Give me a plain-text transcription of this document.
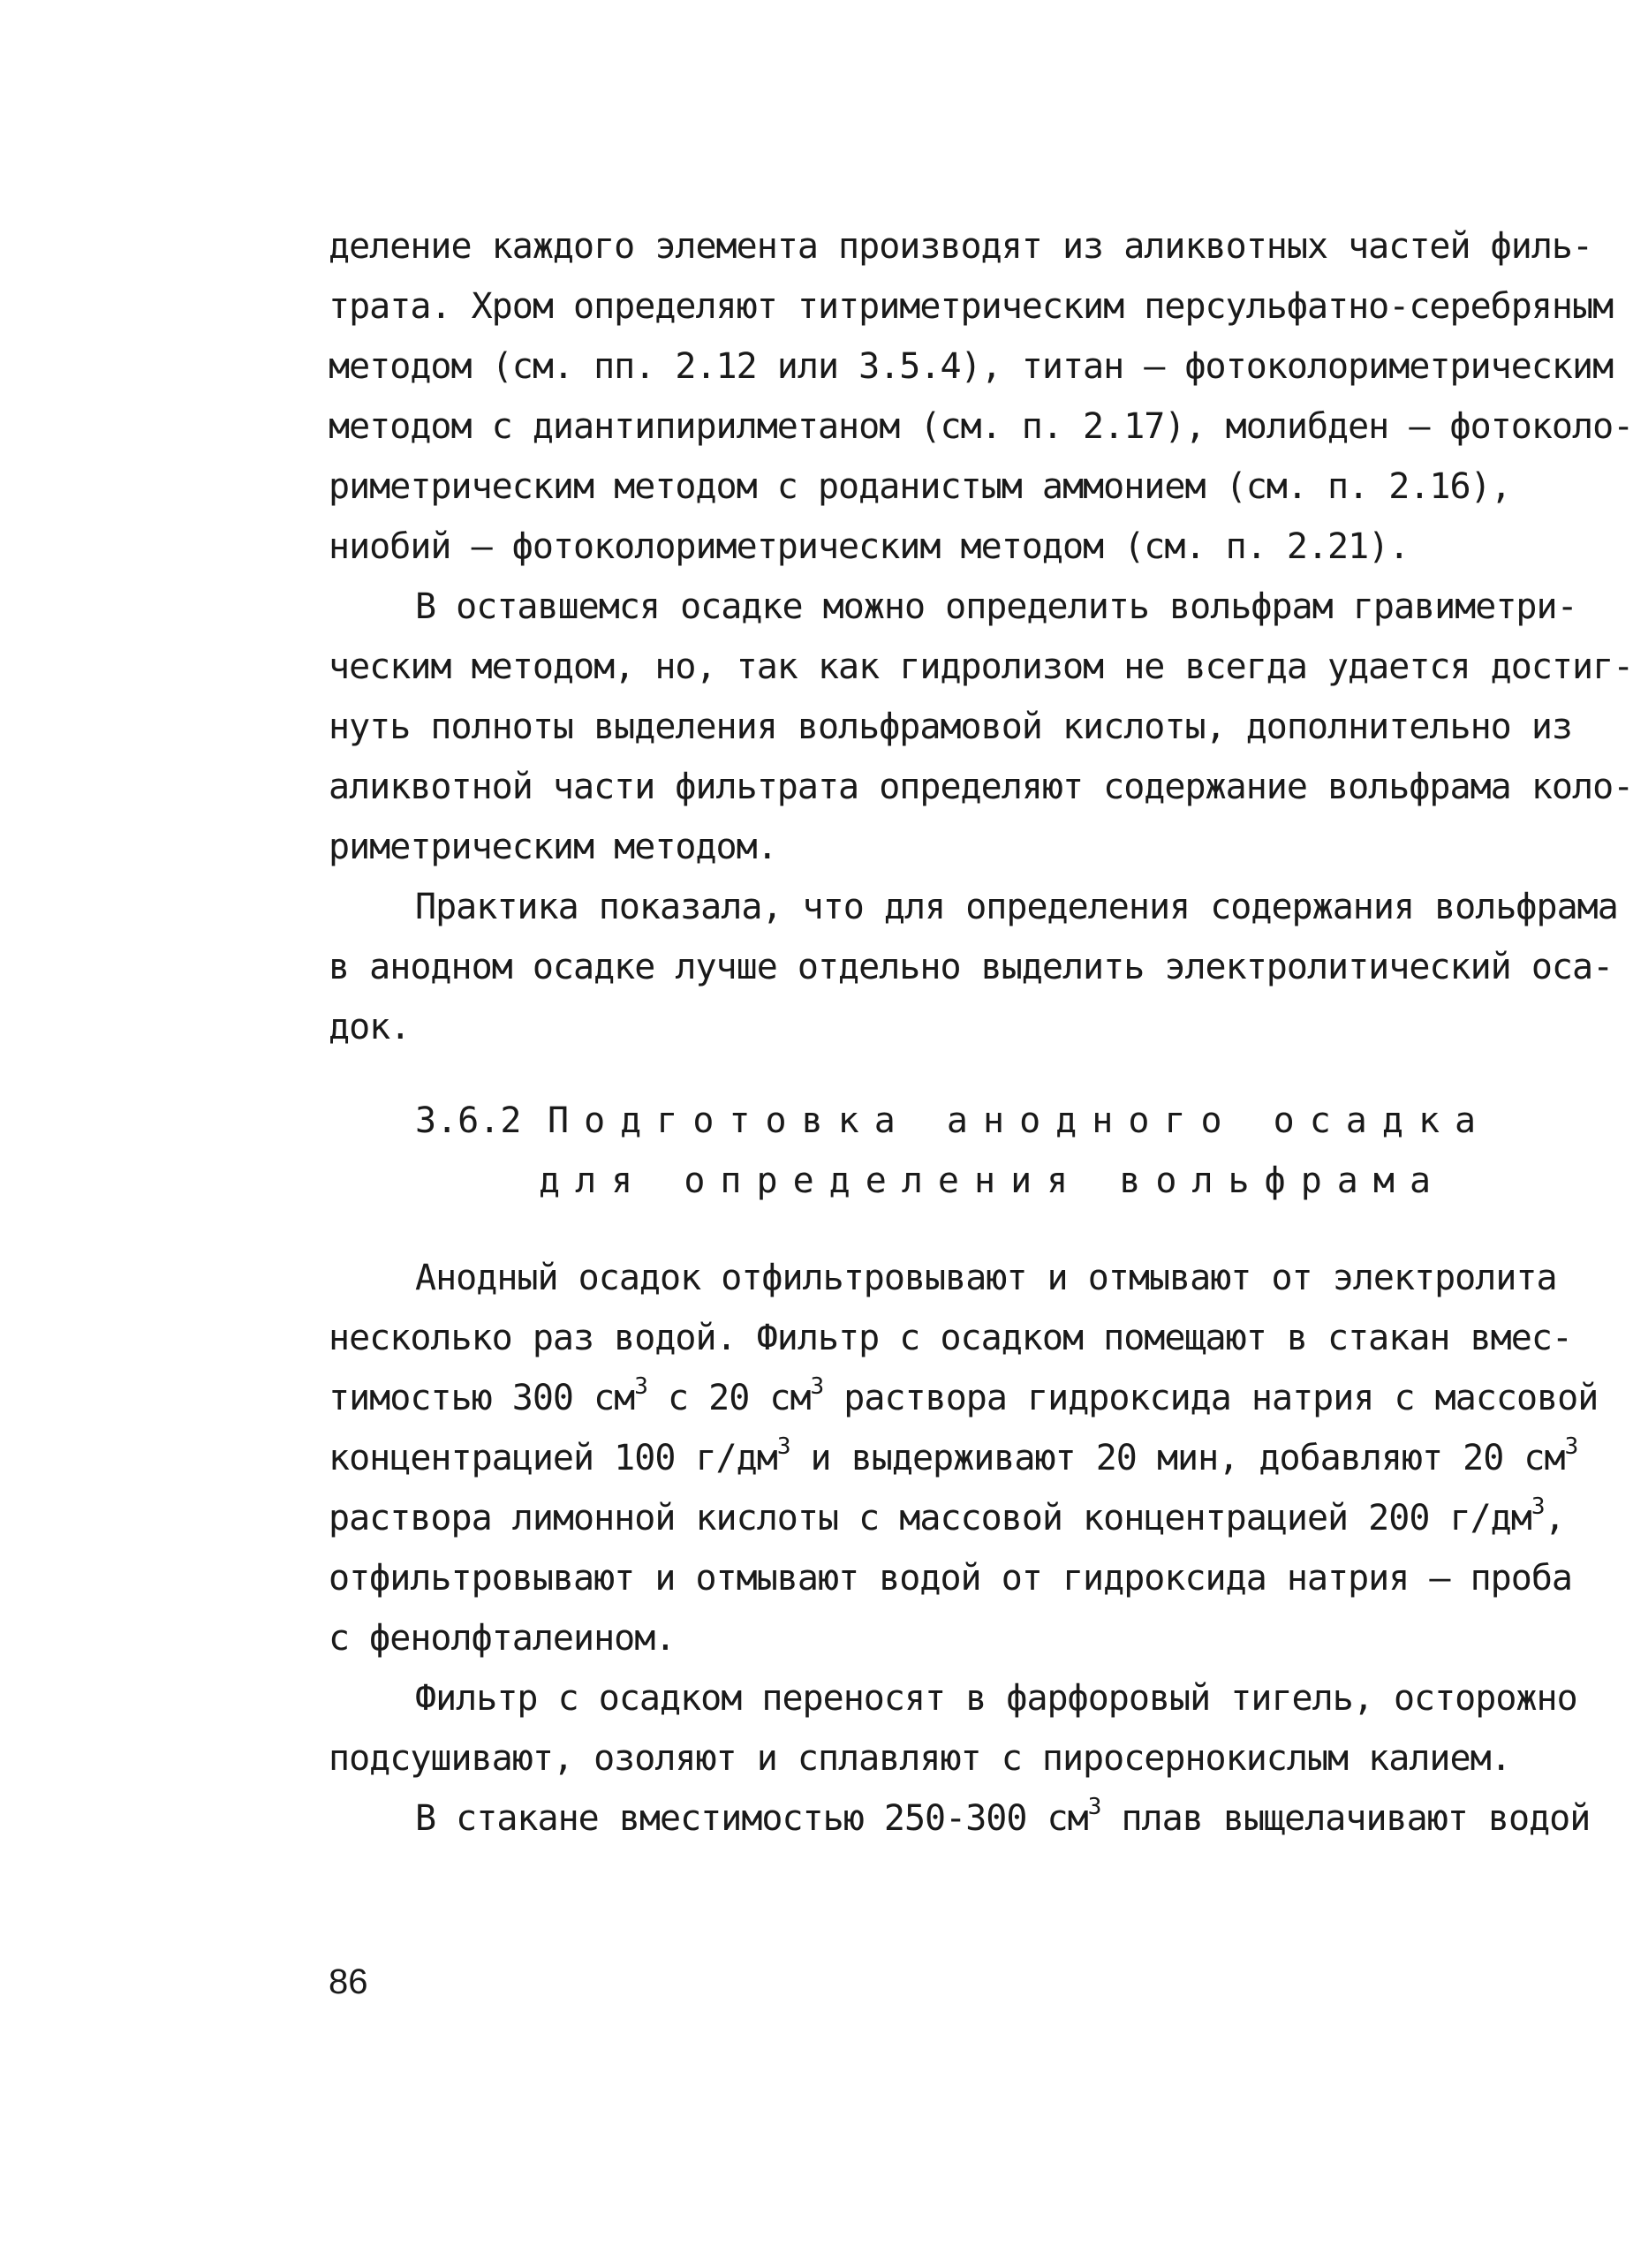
деление каждого элемента производят из аликвотных частей филь-
трата. Хром определяют титриметрическим персульфатно-серебряным
методом (см. пп. 2.12 или 3.5.4), титан – фотоколориметрическим
методом с диантипирилметаном (см. п. 2.17), молибден – фотоколо-
риметрическим методом с роданистым аммонием (см. п. 2.16),
ниобий – фотоколориметрическим методом (см. п. 2.21).
В оставшемся осадке можно определить вольфрам гравиметри-
ческим методом, но, так как гидролизом не всегда удается достиг-
нуть полноты выделения вольфрамовой кислоты, дополнительно из
аликвотной части фильтрата определяют содержание вольфрама коло-
риметрическим методом.
Практика показала, что для определения содержания вольфрама
в анодном осадке лучше отдельно выделить электролитический оса-
док.
3.6.2 Подготовка анодного осадка
для определения вольфрама
Анодный осадок отфильтровывают и отмывают от электролита
несколько раз водой. Фильтр с осадком помещают в стакан вмес-
тимостью 300 $см^3$ с 20 $см^3$ раствора гидроксида натрия с массовой
концентрацией 100 $г/дм^3$ и выдерживают 20 мин, добавляют 20 $см^3$
раствора лимонной кислоты с массовой концентрацией 200 $г/дм^3$,
отфильтровывают и отмывают водой от гидроксида натрия – проба
с фенолфталеином.
Фильтр с осадком переносят в фарфоровый тигель, осторожно
подсушивают, озоляют и сплавляют с пиросернокислым калием.
В стакане вместимостью 250-300 $см^3$ плав выщелачивают водой
86
